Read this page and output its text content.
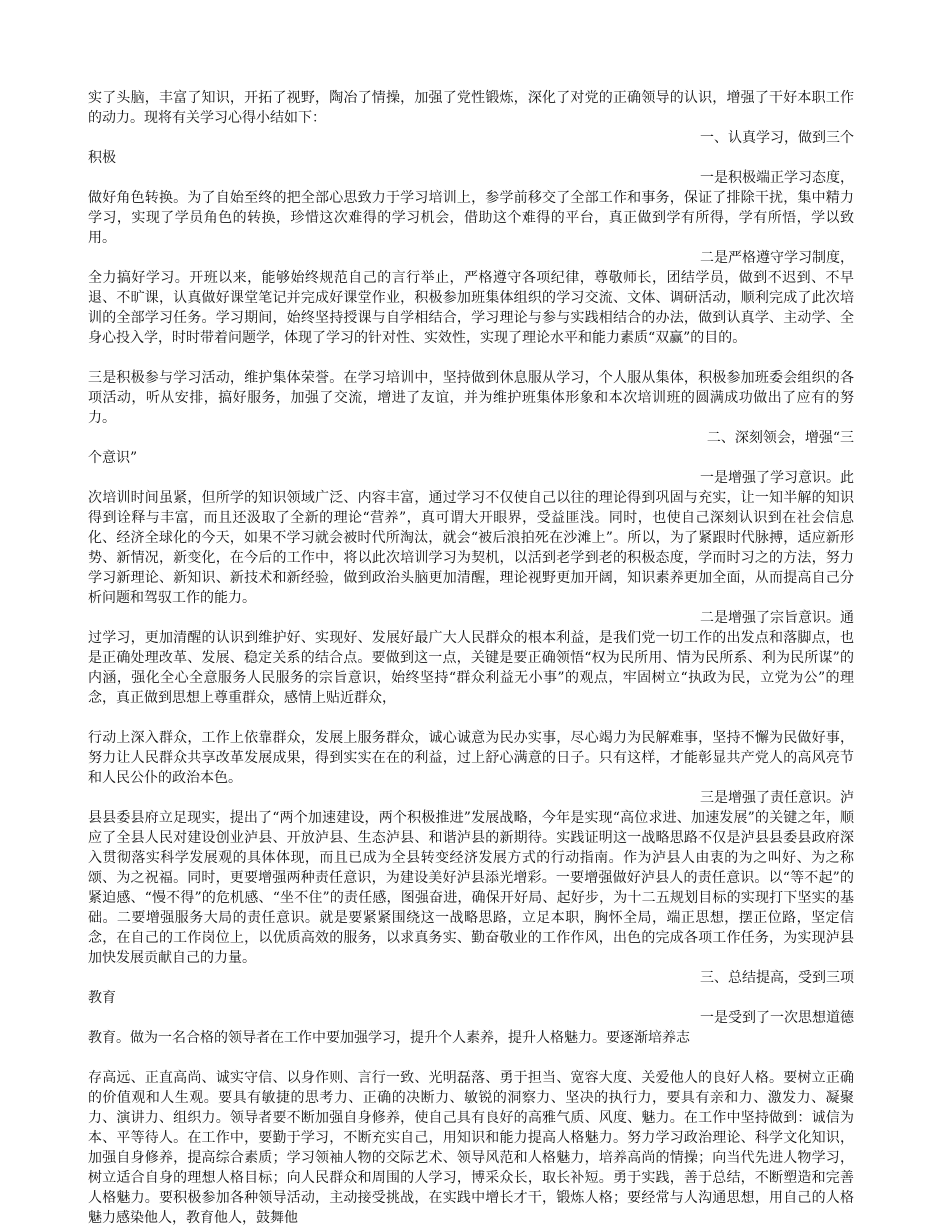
实了头脑，丰富了知识，开拓了视野，陶冶了情操，加强了党性锻炼，深化了对党的正确领导的认识，增强了干好本职工作的动力。现将有关学习心得小结如下：

一、认真学习，做到三个

积极

一是积极端正学习态度，

做好角色转换。为了自始至终的把全部心思致力于学习培训上，参学前移交了全部工作和事务，保证了排除干扰，集中精力学习，实现了学员角色的转换，珍惜这次难得的学习机会，借助这个难得的平台，真正做到学有所得，学有所悟，学以致用。

二是严格遵守学习制度，

全力搞好学习。开班以来，能够始终规范自己的言行举止，严格遵守各项纪律，尊敬师长，团结学员，做到不迟到、不早退、不旷课，认真做好课堂笔记并完成好课堂作业，积极参加班集体组织的学习交流、文体、调研活动，顺利完成了此次培训的全部学习任务。学习期间，始终坚持授课与自学相结合，学习理论与参与实践相结合的办法，做到认真学、主动学、全身心投入学，时时带着问题学，体现了学习的针对性、实效性，实现了理论水平和能力素质“双赢”的目的。

三是积极参与学习活动，维护集体荣誉。在学习培训中，坚持做到休息服从学习，个人服从集体，积极参加班委会组织的各项活动，听从安排，搞好服务，加强了交流，增进了友谊，并为维护班集体形象和本次培训班的圆满成功做出了应有的努力。

二、深刻领会，增强“三

个意识”

一是增强了学习意识。此

次培训时间虽紧，但所学的知识领域广泛、内容丰富，通过学习不仅使自己以往的理论得到巩固与充实，让一知半解的知识得到诠释与丰富，而且还汲取了全新的理论“营养”，真可谓大开眼界，受益匪浅。同时，也使自己深刻认识到在社会信息化、经济全球化的今天，如果不学习就会被时代所淘汰，就会“被后浪拍死在沙滩上”。所以，为了紧跟时代脉搏，适应新形势、新情况，新变化，在今后的工作中，将以此次培训学习为契机，以活到老学到老的积极态度，学而时习之的方法，努力学习新理论、新知识、新技术和新经验，做到政治头脑更加清醒，理论视野更加开阔，知识素养更加全面，从而提高自己分析问题和驾驭工作的能力。

二是增强了宗旨意识。通

过学习，更加清醒的认识到维护好、实现好、发展好最广大人民群众的根本利益，是我们党一切工作的出发点和落脚点，也是正确处理改革、发展、稳定关系的结合点。要做到这一点，关键是要正确领悟“权为民所用、情为民所系、利为民所谋”的内涵，强化全心全意服务人民服务的宗旨意识，始终坚持“群众利益无小事”的观点，牢固树立“执政为民，立党为公”的理念，真正做到思想上尊重群众，感情上贴近群众，

行动上深入群众，工作上依靠群众，发展上服务群众，诚心诚意为民办实事，尽心竭力为民解难事，坚持不懈为民做好事，努力让人民群众共享改革发展成果，得到实实在在的利益，过上舒心满意的日子。只有这样，才能彰显共产党人的高风亮节和人民公仆的政治本色。

三是增强了责任意识。泸

县县委县府立足现实，提出了“两个加速建设，两个积极推进”发展战略，今年是实现“高位求进、加速发展”的关键之年，顺应了全县人民对建设创业泸县、开放泸县、生态泸县、和谐泸县的新期待。实践证明这一战略思路不仅是泸县县委县政府深入贯彻落实科学发展观的具体体现，而且已成为全县转变经济发展方式的行动指南。作为泸县人由衷的为之叫好、为之称颂、为之祝福。同时，更要增强两种责任意识，为建设美好泸县添光增彩。一要增强做好泸县人的责任意识。以“等不起”的紧迫感、“慢不得”的危机感、“坐不住”的责任感，图强奋进，确保开好局、起好步，为十二五规划目标的实现打下坚实的基础。二要增强服务大局的责任意识。就是要紧紧围绕这一战略思路，立足本职，胸怀全局，端正思想，摆正位路，坚定信念，在自己的工作岗位上，以优质高效的服务，以求真务实、勤奋敬业的工作作风，出色的完成各项工作任务，为实现泸县加快发展贡献自己的力量。

三、总结提高，受到三项

教育

一是受到了一次思想道德

教育。做为一名合格的领导者在工作中要加强学习，提升个人素养，提升人格魅力。要逐渐培养志

存高远、正直高尚、诚实守信、以身作则、言行一致、光明磊落、勇于担当、宽容大度、关爱他人的良好人格。要树立正确的价值观和人生观。要具有敏捷的思考力、正确的决断力、敏锐的洞察力、坚决的执行力，要具有亲和力、激发力、凝聚力、演讲力、组织力。领导者要不断加强自身修养，使自己具有良好的高雅气质、风度、魅力。在工作中坚持做到：诚信为本、平等待人。在工作中，要勤于学习，不断充实自己，用知识和能力提高人格魅力。努力学习政治理论、科学文化知识，加强自身修养，提高综合素质；学习领袖人物的交际艺术、领导风范和人格魅力，培养高尚的情操；向当代先进人物学习，树立适合自身的理想人格目标；向人民群众和周围的人学习，博采众长，取长补短。勇于实践，善于总结，不断塑造和完善人格魅力。要积极参加各种领导活动，主动接受挑战，在实践中增长才干，锻炼人格；要经常与人沟通思想，用自己的人格魅力感染他人，教育他人，鼓舞他
